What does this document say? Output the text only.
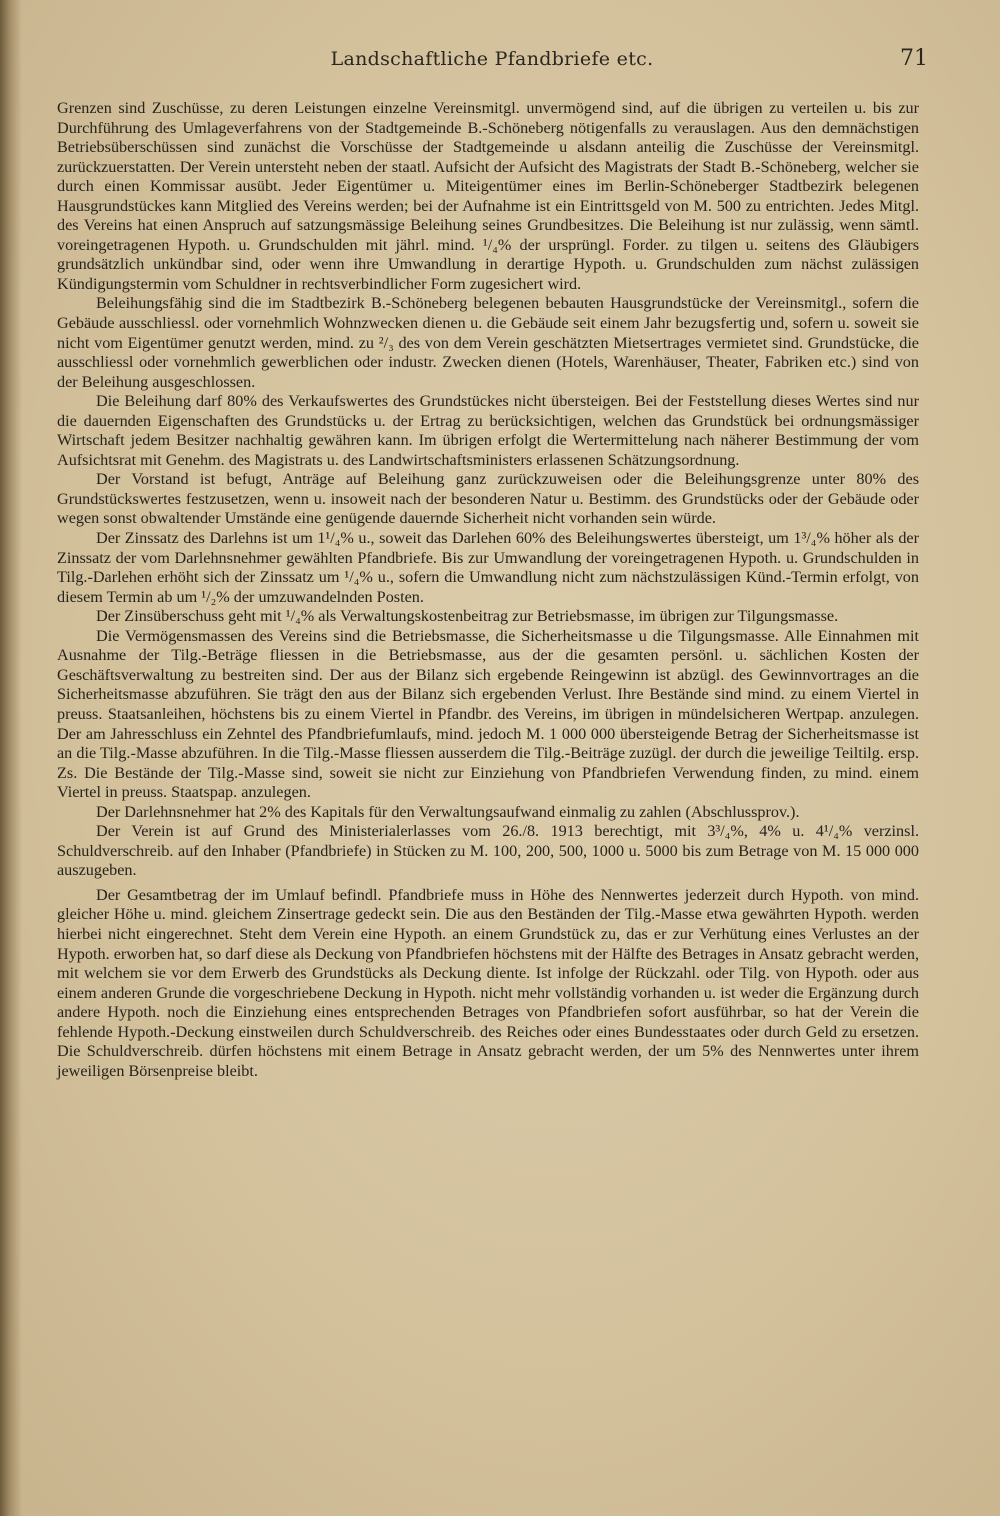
Landschaftliche Pfandbriefe etc.	71

Grenzen sind Zuschüsse, zu deren Leistungen einzelne Vereinsmitgl. unvermögend sind, auf die übrigen zu verteilen u. bis zur Durchführung des Umlageverfahrens von der Stadtgemeinde B.-Schöneberg nötigenfalls zu verauslagen. Aus den demnächstigen Betriebsüberschüssen sind zunächst die Vorschüsse der Stadtgemeinde u alsdann anteilig die Zuschüsse der Vereinsmitgl. zurückzuerstatten. Der Verein untersteht neben der staatl. Aufsicht der Aufsicht des Magistrats der Stadt B.-Schöneberg, welcher sie durch einen Kommissar ausübt. Jeder Eigentümer u. Miteigentümer eines im Berlin-Schöneberger Stadtbezirk belegenen Hausgrundstückes kann Mitglied des Vereins werden; bei der Aufnahme ist ein Eintrittsgeld von M. 500 zu entrichten. Jedes Mitgl. des Vereins hat einen Anspruch auf satzungsmässige Beleihung seines Grundbesitzes. Die Beleihung ist nur zulässig, wenn sämtl. voreingetragenen Hypoth. u. Grundschulden mit jährl. mind. ¹/₄% der ursprüngl. Forder. zu tilgen u. seitens des Gläubigers grundsätzlich unkündbar sind, oder wenn ihre Umwandlung in derartige Hypoth. u. Grundschulden zum nächst zulässigen Kündigungstermin vom Schuldner in rechtsverbindlicher Form zugesichert wird.

Beleihungsfähig sind die im Stadtbezirk B.-Schöneberg belegenen bebauten Hausgrundstücke der Vereinsmitgl., sofern die Gebäude ausschliessl. oder vornehmlich Wohnzwecken dienen u. die Gebäude seit einem Jahr bezugsfertig und, sofern u. soweit sie nicht vom Eigentümer genutzt werden, mind. zu ²/₃ des von dem Verein geschätzten Mietsertrages vermietet sind. Grundstücke, die ausschliessl oder vornehmlich gewerblichen oder industr. Zwecken dienen (Hotels, Warenhäuser, Theater, Fabriken etc.) sind von der Beleihung ausgeschlossen.

Die Beleihung darf 80% des Verkaufswertes des Grundstückes nicht übersteigen. Bei der Feststellung dieses Wertes sind nur die dauernden Eigenschaften des Grundstücks u. der Ertrag zu berücksichtigen, welchen das Grundstück bei ordnungsmässiger Wirtschaft jedem Besitzer nachhaltig gewähren kann. Im übrigen erfolgt die Wertermittelung nach näherer Bestimmung der vom Aufsichtsrat mit Genehm. des Magistrats u. des Landwirtschaftsministers erlassenen Schätzungsordnung.

Der Vorstand ist befugt, Anträge auf Beleihung ganz zurückzuweisen oder die Beleihungsgrenze unter 80% des Grundstückswertes festzusetzen, wenn u. insoweit nach der besonderen Natur u. Bestimm. des Grundstücks oder der Gebäude oder wegen sonst obwaltender Umstände eine genügende dauernde Sicherheit nicht vorhanden sein würde.

Der Zinssatz des Darlehns ist um 1¹/₄% u., soweit das Darlehen 60% des Beleihungswertes übersteigt, um 1³/₄% höher als der Zinssatz der vom Darlehnsnehmer gewählten Pfandbriefe. Bis zur Umwandlung der voreingetragenen Hypoth. u. Grundschulden in Tilg.-Darlehen erhöht sich der Zinssatz um ¹/₄% u., sofern die Umwandlung nicht zum nächstzulässigen Künd.-Termin erfolgt, von diesem Termin ab um ¹/₂% der umzuwandelnden Posten.

Der Zinsüberschuss geht mit ¹/₄% als Verwaltungskostenbeitrag zur Betriebsmasse, im übrigen zur Tilgungsmasse.

Die Vermögensmassen des Vereins sind die Betriebsmasse, die Sicherheitsmasse u die Tilgungsmasse. Alle Einnahmen mit Ausnahme der Tilg.-Beträge fliessen in die Betriebsmasse, aus der die gesamten persönl. u. sächlichen Kosten der Geschäftsverwaltung zu bestreiten sind. Der aus der Bilanz sich ergebende Reingewinn ist abzügl. des Gewinnvortrages an die Sicherheitsmasse abzuführen. Sie trägt den aus der Bilanz sich ergebenden Verlust. Ihre Bestände sind mind. zu einem Viertel in preuss. Staatsanleihen, höchstens bis zu einem Viertel in Pfandbr. des Vereins, im übrigen in mündelsicheren Wertpap. anzulegen. Der am Jahresschluss ein Zehntel des Pfandbriefumlaufs, mind. jedoch M. 1 000 000 übersteigende Betrag der Sicherheitsmasse ist an die Tilg.-Masse abzuführen. In die Tilg.-Masse fliessen ausserdem die Tilg.-Beiträge zuzügl. der durch die jeweilige Teiltilg. ersp. Zs. Die Bestände der Tilg.-Masse sind, soweit sie nicht zur Einziehung von Pfandbriefen Verwendung finden, zu mind. einem Viertel in preuss. Staatspap. anzulegen.

Der Darlehnsnehmer hat 2% des Kapitals für den Verwaltungsaufwand einmalig zu zahlen (Abschlussprov.).

Der Verein ist auf Grund des Ministerialerlasses vom 26./8. 1913 berechtigt, mit 3³/₄%, 4% u. 4¹/₄% verzinsl. Schuldverschreib. auf den Inhaber (Pfandbriefe) in Stücken zu M. 100, 200, 500, 1000 u. 5000 bis zum Betrage von M. 15 000 000 auszugeben.

Der Gesamtbetrag der im Umlauf befindl. Pfandbriefe muss in Höhe des Nennwertes jederzeit durch Hypoth. von mind. gleicher Höhe u. mind. gleichem Zinsertrage gedeckt sein. Die aus den Beständen der Tilg.-Masse etwa gewährten Hypoth. werden hierbei nicht eingerechnet. Steht dem Verein eine Hypoth. an einem Grundstück zu, das er zur Verhütung eines Verlustes an der Hypoth. erworben hat, so darf diese als Deckung von Pfandbriefen höchstens mit der Hälfte des Betrages in Ansatz gebracht werden, mit welchem sie vor dem Erwerb des Grundstücks als Deckung diente. Ist infolge der Rückzahl. oder Tilg. von Hypoth. oder aus einem anderen Grunde die vorgeschriebene Deckung in Hypoth. nicht mehr vollständig vorhanden u. ist weder die Ergänzung durch andere Hypoth. noch die Einziehung eines entsprechenden Betrages von Pfandbriefen sofort ausführbar, so hat der Verein die fehlende Hypoth.-Deckung einstweilen durch Schuldverschreib. des Reiches oder eines Bundesstaates oder durch Geld zu ersetzen. Die Schuldverschreib. dürfen höchstens mit einem Betrage in Ansatz gebracht werden, der um 5% des Nennwertes unter ihrem jeweiligen Börsenpreise bleibt.
